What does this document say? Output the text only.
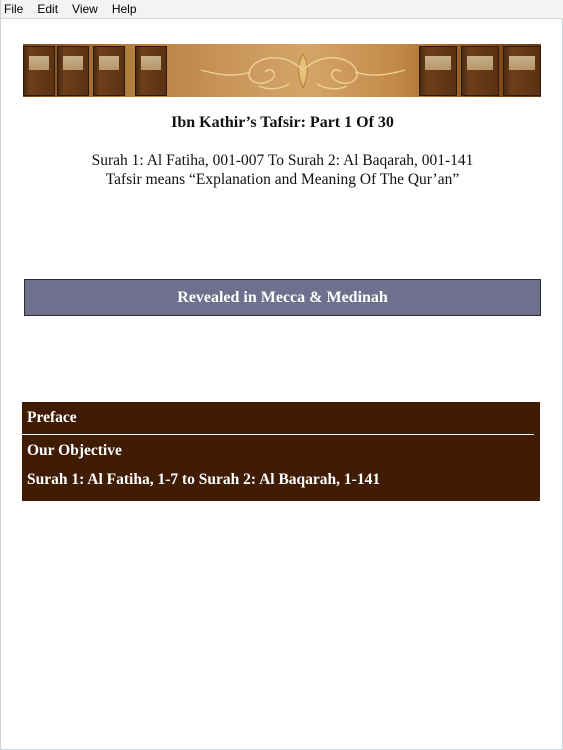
File	Edit	View	Help
Ibn Kathir’s Tafsir: Part 1 Of 30
Surah 1: Al Fatiha, 001-007 To Surah 2: Al Baqarah, 001-141
Tafsir means “Explanation and Meaning Of The Qur’an”
Revealed in Mecca & Medinah
Preface
Our Objective
Surah 1: Al Fatiha, 1-7 to Surah 2: Al Baqarah, 1-141
